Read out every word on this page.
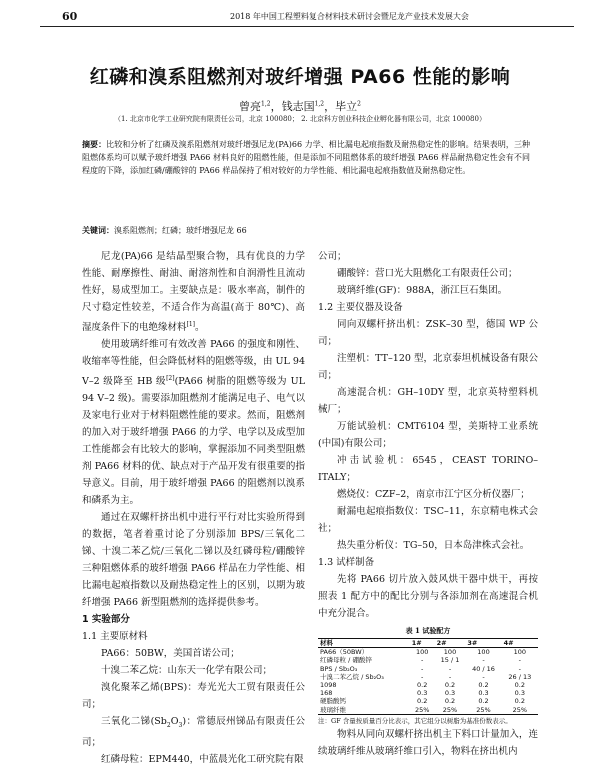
60	2018 年中国工程塑料复合材料技术研讨会暨尼龙产业技术发展大会
红磷和溴系阻燃剂对玻纤增强 PA66 性能的影响
曾亮$^{1,2}$，钱志国$^{1,2}$，毕立$^2$
（1. 北京市化学工业研究院有限责任公司，北京 100080； 2. 北京科方创业科技企业孵化器有限公司，北京 100080）
摘要：比较和分析了红磷及溴系阻燃剂对玻纤增强尼龙(PA)66 力学、相比漏电起痕指数及耐热稳定性的影响。结果表明，三种阻燃体系均可以赋予玻纤增强 PA66 材料良好的阻燃性能，但是添加不同阻燃体系的玻纤增强 PA66 样品耐热稳定性会有不同程度的下降，添加红磷/硼酸锌的 PA66 样品保持了相对较好的力学性能、相比漏电起痕指数值及耐热稳定性。
关键词：溴系阻燃剂；红磷；玻纤增强尼龙 66

尼龙(PA)66 是结晶型聚合物，具有优良的力学性能、耐摩擦性、耐油、耐溶剂性和自润滑性且流动性好，易成型加工。主要缺点是：吸水率高，制件的尺寸稳定性较差，不适合作为高温(高于 80℃)、高湿度条件下的电绝缘材料[1]。

使用玻璃纤维可有效改善 PA66 的强度和刚性、收缩率等性能，但会降低材料的阻燃等级，由 UL 94 V–2 级降至 HB 级[2](PA66 树脂的阻燃等级为 UL 94 V–2 级)。需要添加阻燃剂才能满足电子、电气以及家电行业对于材料阻燃性能的要求。然而，阻燃剂的加入对于玻纤增强 PA66 的力学、电学以及成型加工性能都会有比较大的影响，掌握添加不同类型阻燃剂 PA66 材料的优、缺点对于产品开发有很重要的指导意义。目前，用于玻纤增强 PA66 的阻燃剂以溴系和磷系为主。

通过在双螺杆挤出机中进行平行对比实验所得到的数据，笔者着重讨论了分别添加 BPS/三氧化二锑、十溴二苯乙烷/三氧化二锑以及红磷母粒/硼酸锌三种阻燃体系的玻纤增强 PA66 样品在力学性能、相比漏电起痕指数以及耐热稳定性上的区别，以期为玻纤增强 PA66 新型阻燃剂的选择提供参考。

1 实验部分

1.1 主要原材料

PA66：50BW，美国首诺公司；

十溴二苯乙烷：山东天一化学有限公司；

溴化聚苯乙烯(BPS)：寿光光大工贸有限责任公司；

三氧化二锑$(Sb_2O_3)$：常德辰州锑品有限责任公司；

红磷母粒：EPM440，中蓝晨光化工研究院有限

公司；

硼酸锌：营口光大阻燃化工有限责任公司；

玻璃纤维(GF)：988A，浙江巨石集团。

1.2 主要仪器及设备

同向双螺杆挤出机：ZSK–30 型，德国 WP 公司；

注塑机：TT–120 型，北京泰坦机械设备有限公司；

高速混合机：GH–10DY 型，北京英特塑料机械厂；

万能试验机：CMT6104 型，美斯特工业系统(中国)有限公司；

冲击试验机：6545，CEAST TORINO–ITALY；

燃烧仪：CZF–2，南京市江宁区分析仪器厂；

耐漏电起痕指数仪：TSC–11，东京精电株式会社；

热失重分析仪：TG–50，日本岛津株式会社。

1.3 试样制备

先将 PA66 切片放入鼓风烘干器中烘干，再按照表 1 配方中的配比分别与各添加剂在高速混合机中充分混合。

表 1 试验配方
材料	1#	2#	3#	4#
PA66（50BW）	100	100	100	100
红磷母粒 / 硼酸锌	-	15 / 1	-	-
BPS / Sb₂O₃	-	-	40 / 16	-
十溴二苯乙烷 / Sb₂O₃	-	-	-	26 / 13
1098	0.2	0.2	0.2	0.2
168	0.3	0.3	0.3	0.3
硬脂酸钙	0.2	0.2	0.2	0.2
玻璃纤维	25%	25%	25%	25%
注：GF 含量按质量百分比表示，其它组分以树脂为基准份数表示。

物料从同向双螺杆挤出机主下料口计量加入，连续玻璃纤维从玻璃纤维口引入，物料在挤出机内
